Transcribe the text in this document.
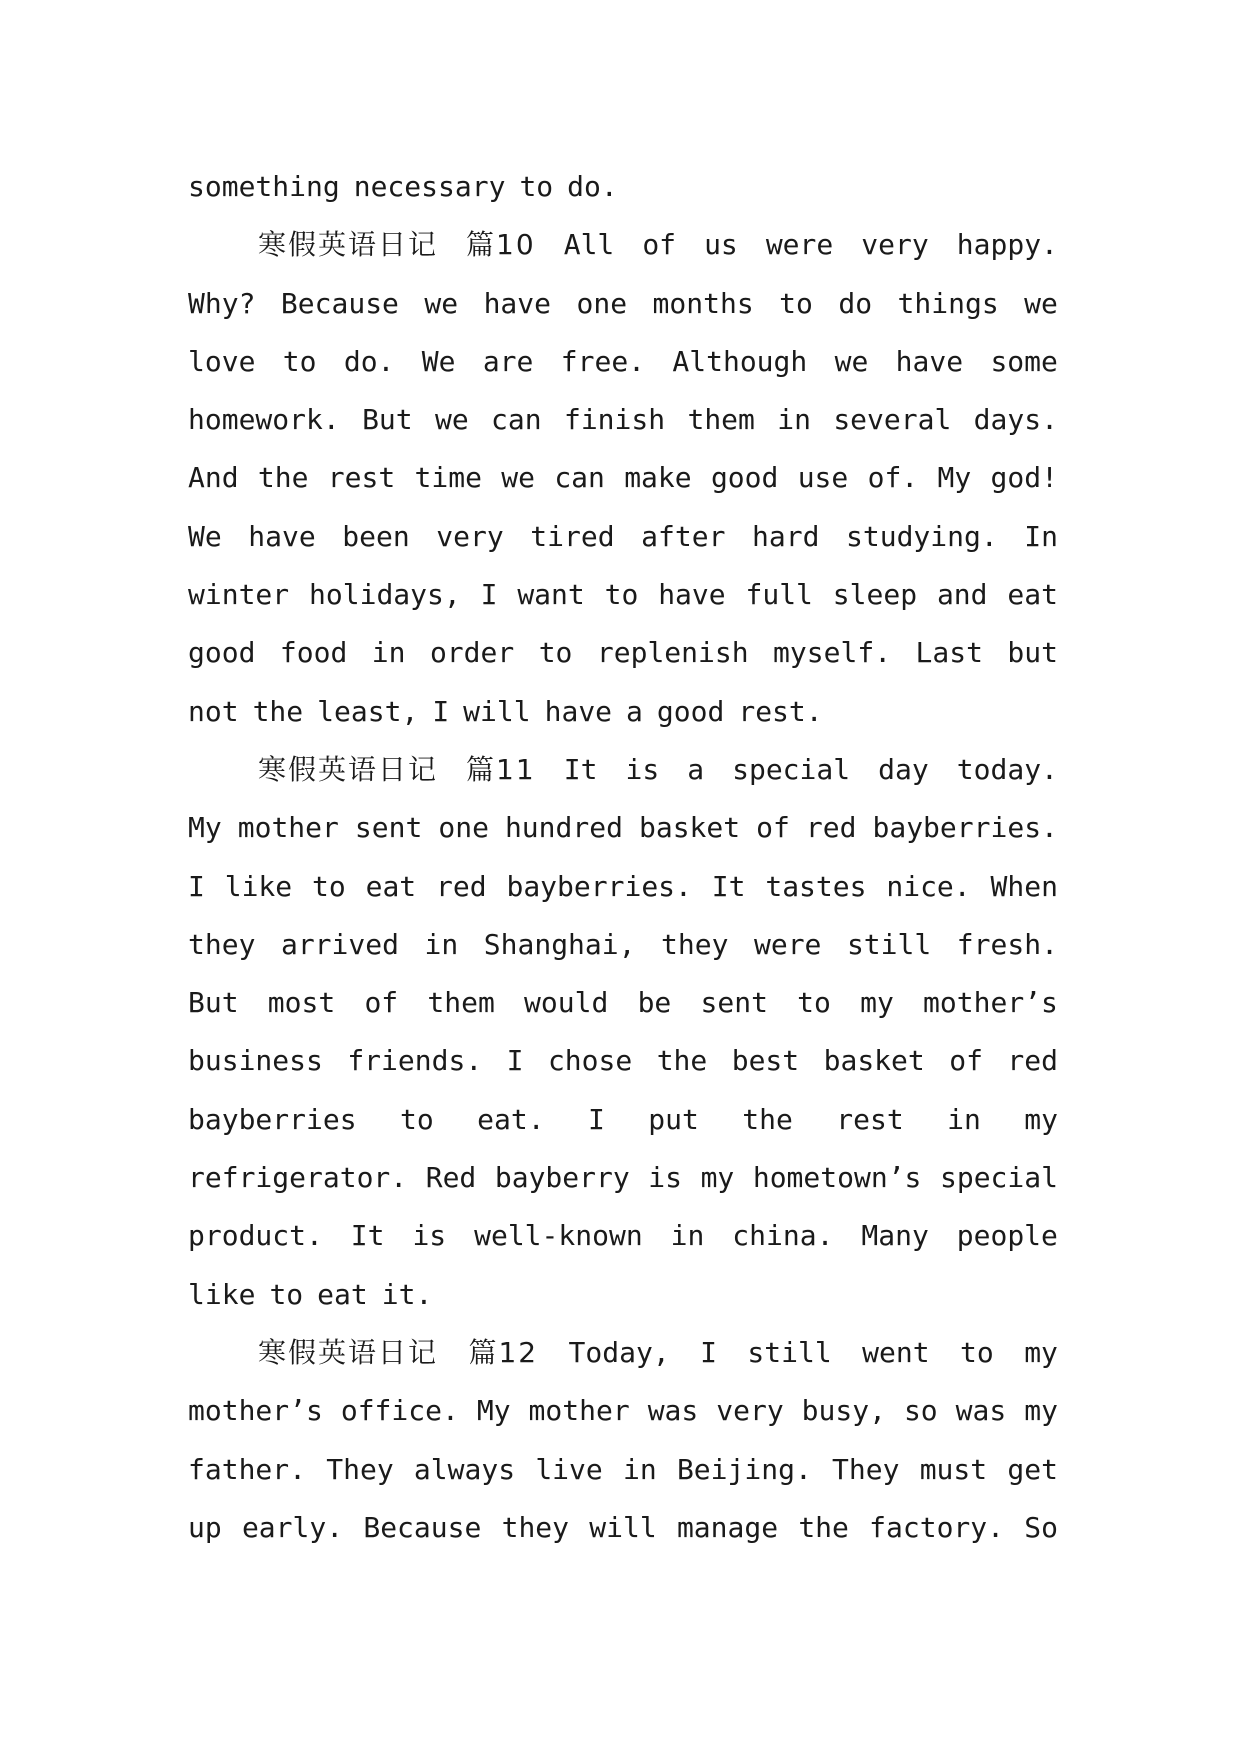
something necessary to do.
寒假英语日记 篇10 All of us were very happy.
Why? Because we have one months to do things we
love to do. We are free. Although we have some
homework. But we can finish them in several days.
And the rest time we can make good use of. My god!
We have been very tired after hard studying. In
winter holidays, I want to have full sleep and eat
good food in order to replenish myself. Last but
not the least, I will have a good rest.
寒假英语日记 篇11 It is a special day today.
My mother sent one hundred basket of red bayberries.
I like to eat red bayberries. It tastes nice. When
they arrived in Shanghai, they were still fresh.
But most of them would be sent to my mother’s
business friends. I chose the best basket of red
bayberries to eat. I put the rest in my
refrigerator. Red bayberry is my hometown’s special
product. It is well-known in china. Many people
like to eat it.
寒假英语日记 篇12 Today, I still went to my
mother’s office. My mother was very busy, so was my
father. They always live in Beijing. They must get
up early. Because they will manage the factory. So
